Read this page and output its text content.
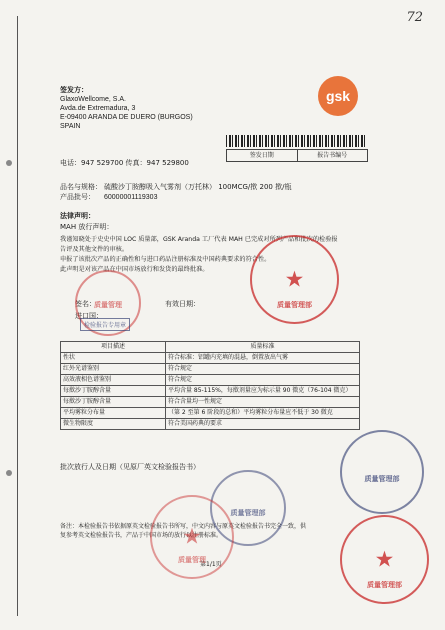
72
gsk
签发方：
GlaxoWellcome, S.A.
Avda.de Extremadura, 3
E-09400 ARANDA DE DUERO (BURGOS)
SPAIN
签发日期	报告书编号
电话：947 529700 传真：947 529800
品名与规格： 硫酸沙丁胺醇吸入气雾剂（万托林） 100MCG/揿 200 揿/瓶
产品批号： 60000001119303
法律声明：
MAH 放行声明：
我谨知晓处于史史中国 LOC 质量部，GSK Aranda 工厂代表 MAH 已完成对所列产品和批次的检验报
告评及其他文件的审核。
申报了该批次产品的正确性和与进口药品注册标准及中国药典要求的符合性。
此声明是对该产品在中国市场放行和发货的最终批准。
签名：	有效日期：
进口国：
项目描述	质量标准
性状	符合标准：铝罐内充填的混悬，倒置放出气雾
红外光谱鉴别	符合规定
高效液相色谱鉴别	符合规定
每揿沙丁胺醇含量	平均含量 85-115%，每揿剂量应为标示量 90 微克（76-104 微克）
每揿沙丁胺醇含量	符合含量均一性规定
平均雾粒分布量	（第 2 至第 6 阶段的总和）平均雾粒分布量应不低于 30 微克
微生物限度	符合美国药典的要求
批次放行人及日期（见原厂英文检验报告书）
备注：本检验报告书依据原英文检验报告书所写，中文内容与原英文检验报告书完全一致，供
复参考英文检验报告书，产品于中国市场的放行以注册标准。
第1/1页
★
质量管理部
质量管理
检验报告专用章
质量管理部
质量管理部
★
质量管理	★
质量管理部
